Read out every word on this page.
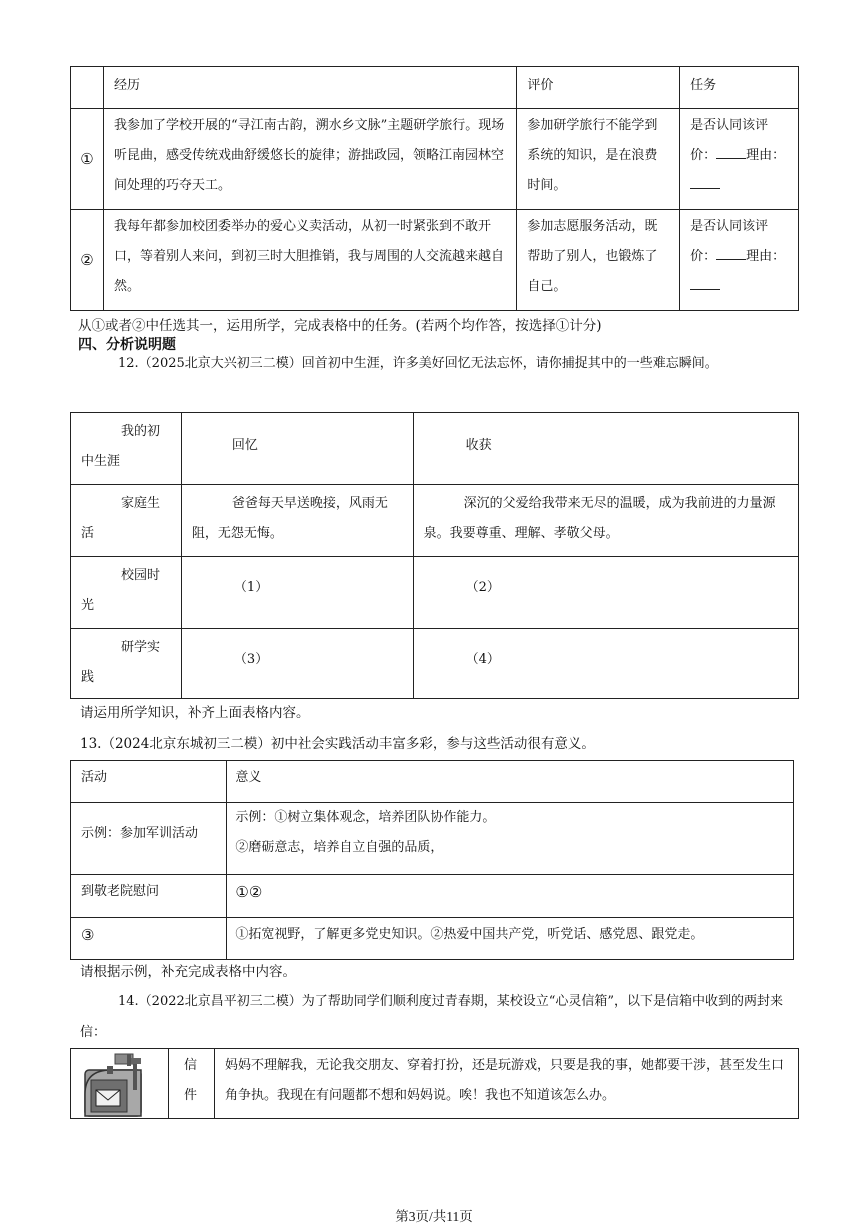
	经历	评价	任务
①	我参加了学校开展的“寻江南古韵，溯水乡文脉”主题研学旅行。现场听昆曲，感受传统戏曲舒缓悠长的旋律；游拙政园，领略江南园林空间处理的巧夺天工。	参加研学旅行不能学到系统的知识，是在浪费时间。	是否认同该评价： 理由：

②	我每年都参加校团委举办的爱心义卖活动，从初一时紧张到不敢开口，等着别人来问，到初三时大胆推销，我与周围的人交流越来越自然。	参加志愿服务活动，既帮助了别人，也锻炼了自己。	是否认同该评价： 理由：

从①或者②中任选其一，运用所学，完成表格中的任务。(若两个均作答，按选择①计分)
四、分析说明题
12.（2025北京大兴初三二模）回首初中生涯，许多美好回忆无法忘怀，请你捕捉其中的一些难忘瞬间。
我的初中生涯	回忆	收获
家庭生活	爸爸每天早送晚接，风雨无阻，无怨无悔。	深沉的父爱给我带来无尽的温暖，成为我前进的力量源泉。我要尊重、理解、孝敬父母。
校园时光	（1）	（2）
研学实践	（3）	（4）
请运用所学知识，补齐上面表格内容。
13.（2024北京东城初三二模）初中社会实践活动丰富多彩，参与这些活动很有意义。
活动	意义
示例：参加军训活动	示例：①树立集体观念，培养团队协作能力。
②磨砺意志，培养自立自强的品质，

到敬老院慰问	①②
③	①拓宽视野，了解更多党史知识。②热爱中国共产党，听党话、感党恩、跟党走。
请根据示例，补充完成表格中内容。
14.（2022北京昌平初三二模）为了帮助同学们顺利度过青春期，某校设立“心灵信箱”，以下是信箱中收到的两封来信：
	信件	妈妈不理解我，无论我交朋友、穿着打扮，还是玩游戏，只要是我的事，她都要干涉，甚至发生口角争执。我现在有问题都不想和妈妈说。唉！我也不知道该怎么办。
第3页/共11页
